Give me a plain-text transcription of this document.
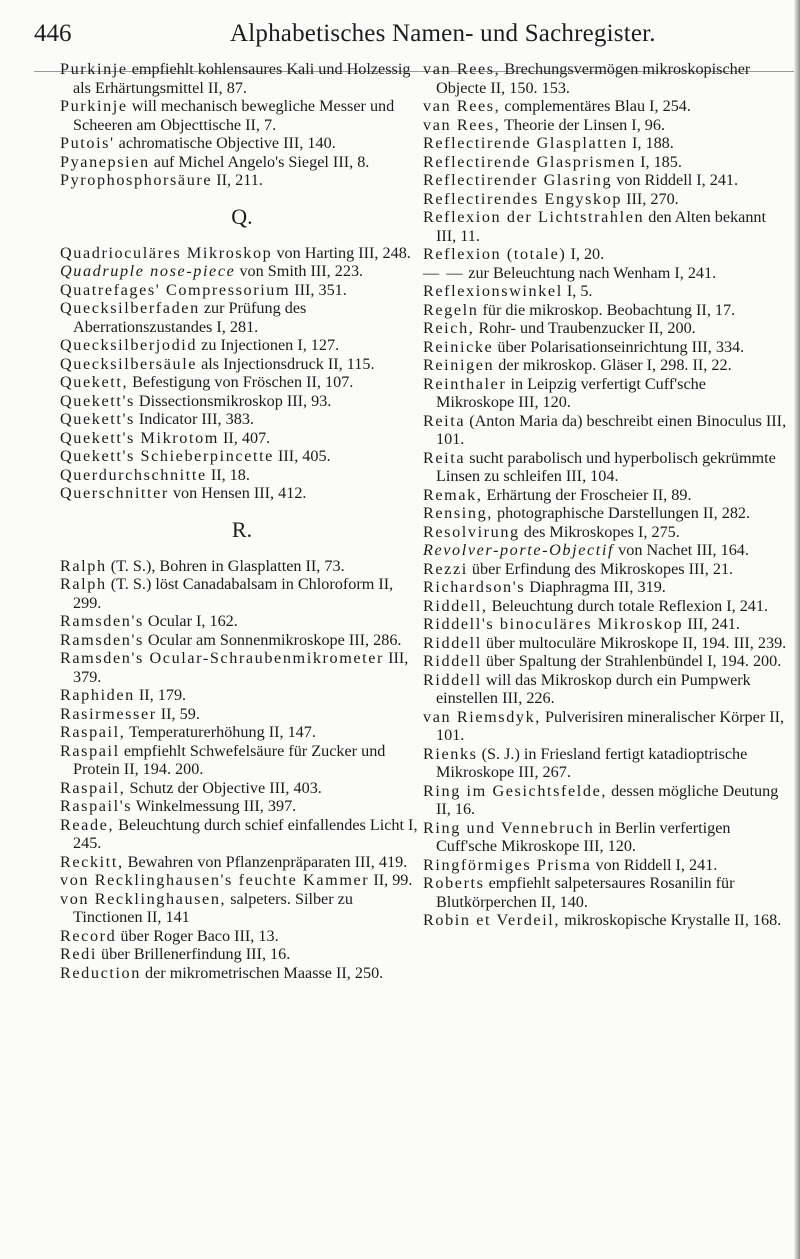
446	Alphabetisches Namen- und Sachregister.

Purkinje empfiehlt kohlensaures Kali und Holzessig als Erhärtungsmittel II, 87.

Purkinje will mechanisch bewegliche Messer und Scheeren am Objecttische II, 7.

Putois' achromatische Objective III, 140.

Pyanepsien auf Michel Angelo's Siegel III, 8.

Pyrophosphorsäure II, 211.

Q.

Quadrioculäres Mikroskop von Harting III, 248.

Quadruple nose-piece von Smith III, 223.

Quatrefages' Compressorium III, 351.

Quecksilberfaden zur Prüfung des Aberrationszustandes I, 281.

Quecksilberjodid zu Injectionen I, 127.

Quecksilbersäule als Injectionsdruck II, 115.

Quekett, Befestigung von Fröschen II, 107.

Quekett's Dissectionsmikroskop III, 93.

Quekett's Indicator III, 383.

Quekett's Mikrotom II, 407.

Quekett's Schieberpincette III, 405.

Querdurchschnitte II, 18.

Querschnitter von Hensen III, 412.

R.

Ralph (T. S.), Bohren in Glasplatten II, 73.

Ralph (T. S.) löst Canadabalsam in Chloroform II, 299.

Ramsden's Ocular I, 162.

Ramsden's Ocular am Sonnenmikroskope III, 286.

Ramsden's Ocular-Schraubenmikrometer III, 379.

Raphiden II, 179.

Rasirmesser II, 59.

Raspail, Temperaturerhöhung II, 147.

Raspail empfiehlt Schwefelsäure für Zucker und Protein II, 194. 200.

Raspail, Schutz der Objective III, 403.

Raspail's Winkelmessung III, 397.

Reade, Beleuchtung durch schief einfallendes Licht I, 245.

Reckitt, Bewahren von Pflanzenpräparaten III, 419.

von Recklinghausen's feuchte Kammer II, 99.

von Recklinghausen, salpeters. Silber zu Tinctionen II, 141

Record über Roger Baco III, 13.

Redi über Brillenerfindung III, 16.

Reduction der mikrometrischen Maasse II, 250.

van Rees, Brechungsvermögen mikroskopischer Objecte II, 150. 153.

van Rees, complementäres Blau I, 254.

van Rees, Theorie der Linsen I, 96.

Reflectirende Glasplatten I, 188.

Reflectirende Glasprismen I, 185.

Reflectirender Glasring von Riddell I, 241.

Reflectirendes Engyskop III, 270.

Reflexion der Lichtstrahlen den Alten bekannt III, 11.

Reflexion (totale) I, 20.

— — zur Beleuchtung nach Wenham I, 241.

Reflexionswinkel I, 5.

Regeln für die mikroskop. Beobachtung II, 17.

Reich, Rohr- und Traubenzucker II, 200.

Reinicke über Polarisationseinrichtung III, 334.

Reinigen der mikroskop. Gläser I, 298. II, 22.

Reinthaler in Leipzig verfertigt Cuff'sche Mikroskope III, 120.

Reita (Anton Maria da) beschreibt einen Binoculus III, 101.

Reita sucht parabolisch und hyperbolisch gekrümmte Linsen zu schleifen III, 104.

Remak, Erhärtung der Froscheier II, 89.

Rensing, photographische Darstellungen II, 282.

Resolvirung des Mikroskopes I, 275.

Revolver-porte-Objectif von Nachet III, 164.

Rezzi über Erfindung des Mikroskopes III, 21.

Richardson's Diaphragma III, 319.

Riddell, Beleuchtung durch totale Reflexion I, 241.

Riddell's binoculäres Mikroskop III, 241.

Riddell über multoculäre Mikroskope II, 194. III, 239.

Riddell über Spaltung der Strahlenbündel I, 194. 200.

Riddell will das Mikroskop durch ein Pumpwerk einstellen III, 226.

van Riemsdyk, Pulverisiren mineralischer Körper II, 101.

Rienks (S. J.) in Friesland fertigt katadioptrische Mikroskope III, 267.

Ring im Gesichtsfelde, dessen mögliche Deutung II, 16.

Ring und Vennebruch in Berlin verfertigen Cuff'sche Mikroskope III, 120.

Ringförmiges Prisma von Riddell I, 241.

Roberts empfiehlt salpetersaures Rosanilin für Blutkörperchen II, 140.

Robin et Verdeil, mikroskopische Krystalle II, 168.
